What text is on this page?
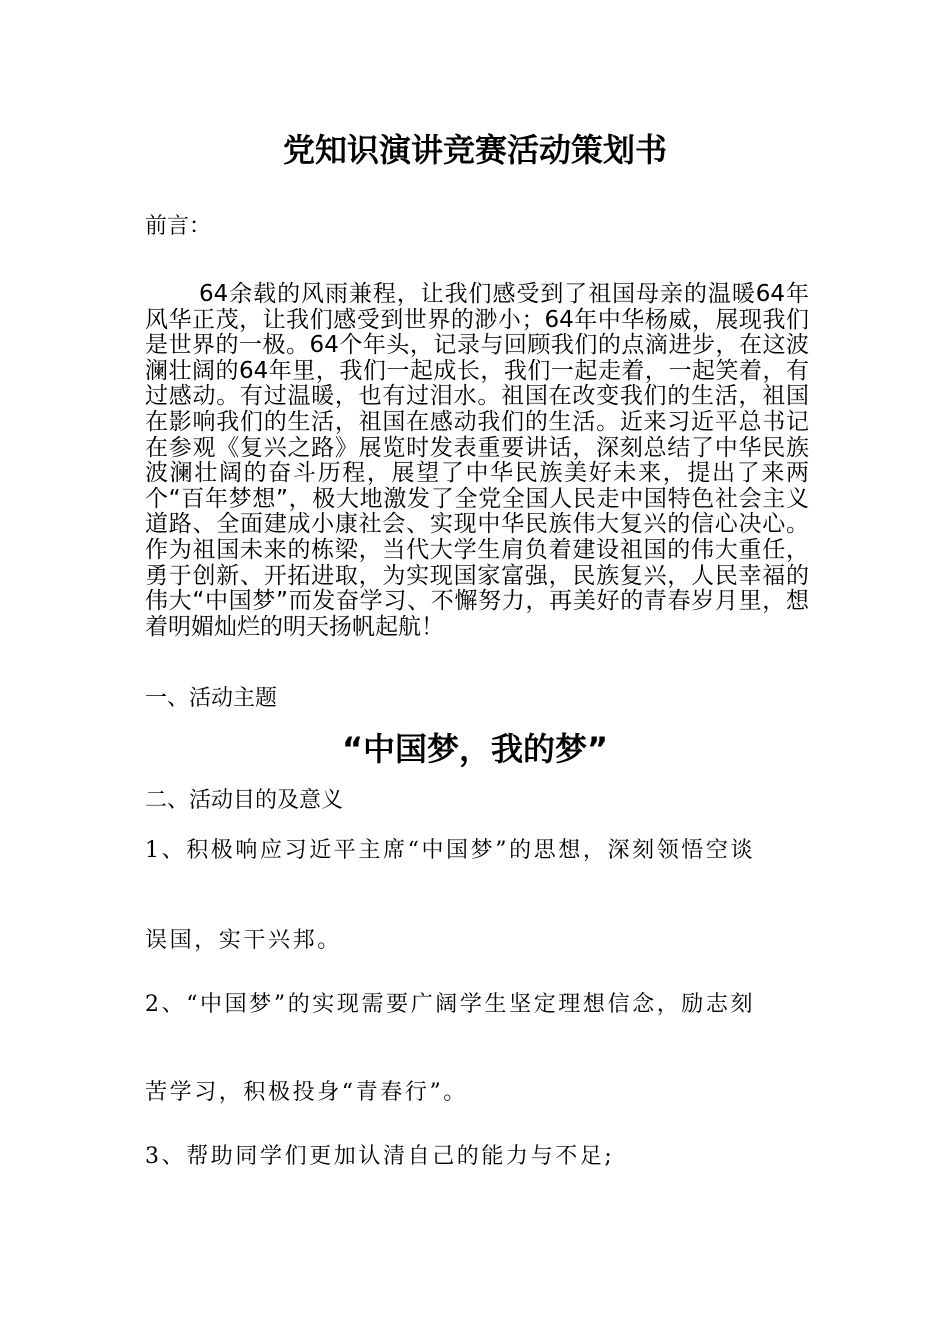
党知识演讲竞赛活动策划书

前言：

64余载的风雨兼程，让我们感受到了祖国母亲的温暖64年风华正茂，让我们感受到世界的渺小；64年中华杨威，展现我们是世界的一极。64个年头，记录与回顾我们的点滴进步，在这波澜壮阔的64年里，我们一起成长，我们一起走着，一起笑着，有过感动。有过温暖，也有过泪水。祖国在改变我们的生活，祖国在影响我们的生活，祖国在感动我们的生活。近来习近平总书记在参观《复兴之路》展览时发表重要讲话，深刻总结了中华民族波澜壮阔的奋斗历程，展望了中华民族美好未来，提出了来两个“百年梦想”，极大地激发了全党全国人民走中国特色社会主义道路、全面建成小康社会、实现中华民族伟大复兴的信心决心。作为祖国未来的栋梁，当代大学生肩负着建设祖国的伟大重任，勇于创新、开拓进取，为实现国家富强，民族复兴，人民幸福的伟大“中国梦”而发奋学习、不懈努力，再美好的青春岁月里，想着明媚灿烂的明天扬帆起航！

一、活动主题

“中国梦，我的梦”

二、活动目的及意义

1、积极响应习近平主席“中国梦”的思想，深刻领悟空谈

误国，实干兴邦。

2、“中国梦”的实现需要广阔学生坚定理想信念，励志刻

苦学习，积极投身“青春行”。

3、帮助同学们更加认清自己的能力与不足;
